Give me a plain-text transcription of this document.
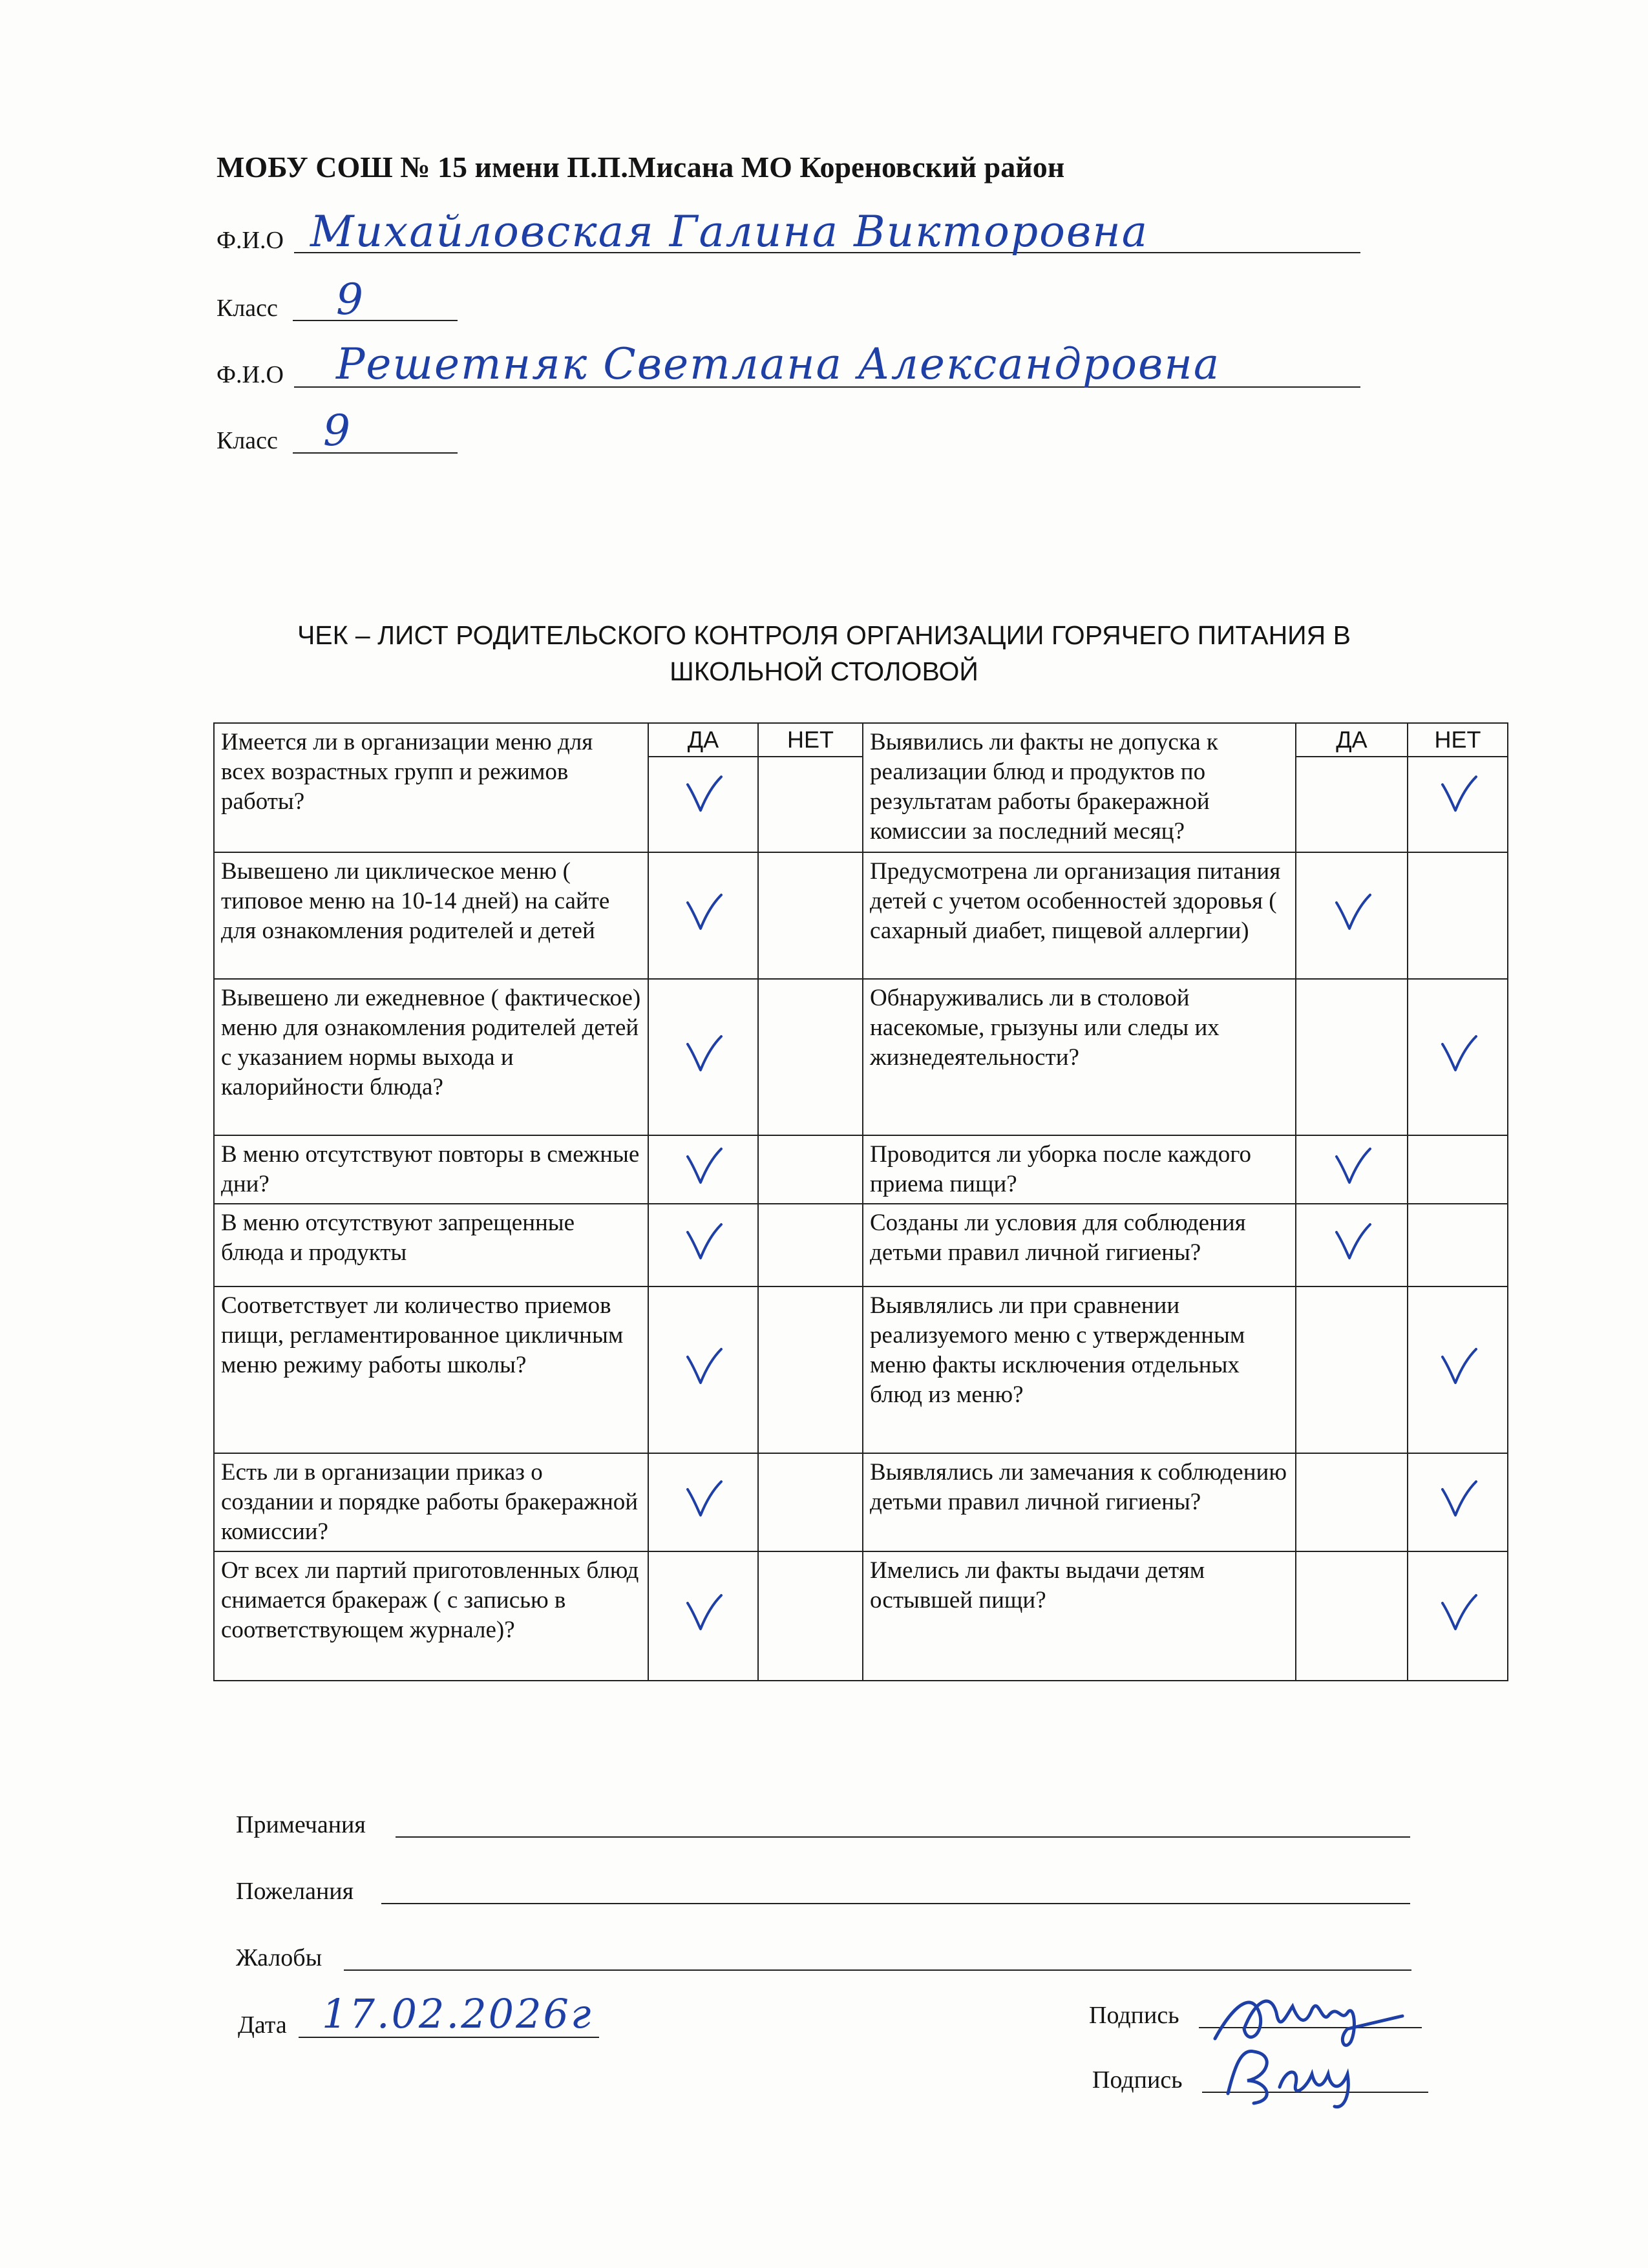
МОБУ СОШ № 15 имени П.П.Мисана МО Кореновский район
Ф.И.О Михайловская Галина Викторовна
Класс 9
Ф.И.О Решетняк Светлана Александровна
Класс 9
ЧЕК – ЛИСТ РОДИТЕЛЬСКОГО КОНТРОЛЯ ОРГАНИЗАЦИИ ГОРЯЧЕГО ПИТАНИЯ В
ШКОЛЬНОЙ СТОЛОВОЙ
Имеется ли в организации меню для всех возрастных групп и режимов работы?	ДА	НЕТ	Выявились ли факты не допуска к реализации блюд и продуктов по результатам работы бракеражной комиссии за последний месяц?	ДА	НЕТ

Вывешено ли циклическое меню ( типовое меню на 10-14 дней) на сайте для ознакомления родителей и детей			Предусмотрена ли организация питания детей с учетом особенностей здоровья ( сахарный диабет, пищевой аллергии)	

Вывешено ли ежедневное ( фактическое) меню для ознакомления родителей детей с указанием нормы выхода и калорийности блюда?			Обнаруживались ли в столовой насекомые, грызуны или следы их жизнедеятельности?		

В меню отсутствуют повторы в смежные дни?			Проводится ли уборка после каждого приема пищи?	

В меню отсутствуют запрещенные блюда и продукты			Созданы ли условия для соблюдения детьми правил личной гигиены?	

Соответствует ли количество приемов пищи, регламентированное цикличным меню режиму работы школы?			Выявлялись ли при сравнении реализуемого меню с утвержденным меню факты исключения отдельных блюд из меню?		

Есть ли в организации приказ о создании и порядке работы бракеражной комиссии?			Выявлялись ли замечания к соблюдению детьми правил личной гигиены?		

От всех ли партий приготовленных блюд снимается бракераж ( с записью в соответствующем журнале)?			Имелись ли факты выдачи детям остывшей пищи?		
Примечания
Пожелания
Жалобы
Дата 17.02.2026г	Подпись
Подпись
